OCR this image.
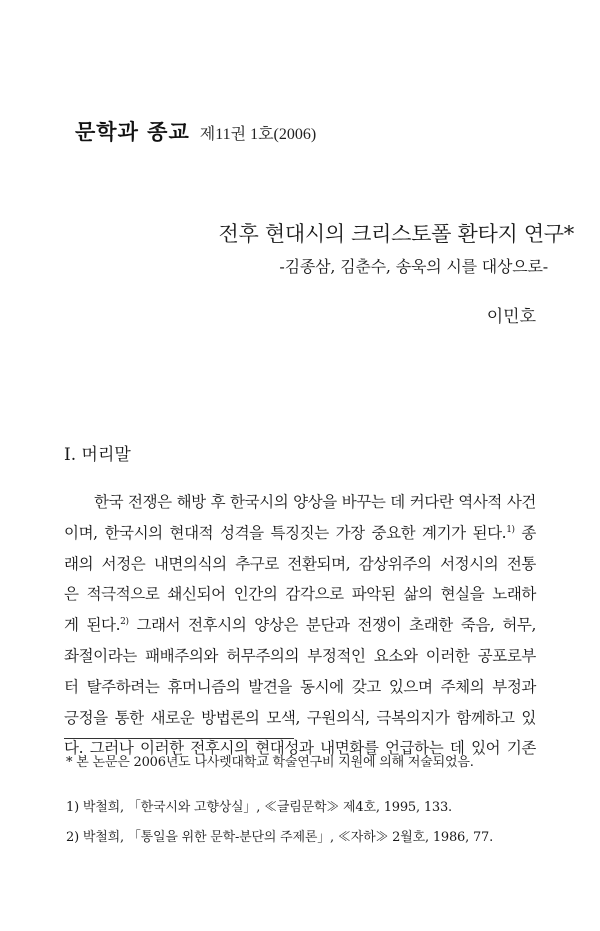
문학과 종교 제11권 1호(2006)
전후 현대시의 크리스토폴 환타지 연구*
-김종삼, 김춘수, 송욱의 시를 대상으로-
이민호
I. 머리말
한국 전쟁은 해방 후 한국시의 양상을 바꾸는 데 커다란 역사적 사건
이며, 한국시의 현대적 성격을 특징짓는 가장 중요한 계기가 된다.$^{1)}$ 종
래의 서정은 내면의식의 추구로 전환되며, 감상위주의 서정시의 전통
은 적극적으로 쇄신되어 인간의 감각으로 파악된 삶의 현실을 노래하
게 된다.$^{2)}$ 그래서 전후시의 양상은 분단과 전쟁이 초래한 죽음, 허무,
좌절이라는 패배주의와 허무주의의 부정적인 요소와 이러한 공포로부
터 탈주하려는 휴머니즘의 발견을 동시에 갖고 있으며 주체의 부정과
긍정을 통한 새로운 방법론의 모색, 구원의식, 극복의지가 함께하고 있
다. 그러나 이러한 전후시의 현대성과 내면화를 언급하는 데 있어 기존
* 본 논문은 2006년도 나사렛대학교 학술연구비 지원에 의해 저술되었음.
1) 박철희, 「한국시와 고향상실」, ≪글림문학≫ 제4호, 1995, 133.
2) 박철희, 「통일을 위한 문학-분단의 주제론」, ≪자하≫ 2월호, 1986, 77.
